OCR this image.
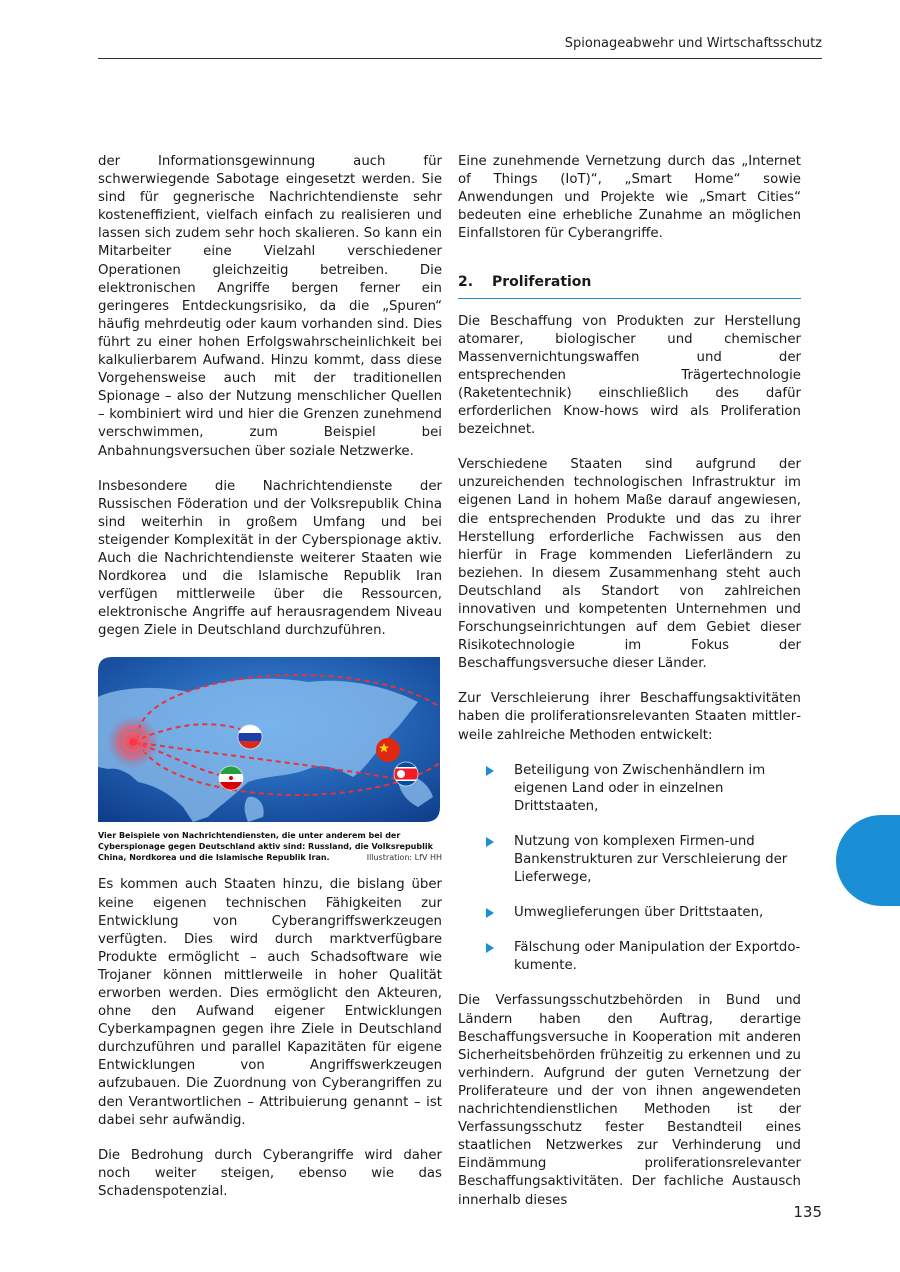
Spionageabwehr und Wirtschaftsschutz

der Informationsgewinnung auch für schwerwiegende Sabotage eingesetzt werden. Sie sind für gegnerische Nachrichtendienste sehr kosteneffizient, vielfach einfach zu realisieren und lassen sich zudem sehr hoch skalieren. So kann ein Mitarbeiter eine Vielzahl verschiedener Operationen gleichzeitig betreiben. Die elektronischen Angriffe bergen ferner ein geringeres Entdeckungsrisiko, da die „Spuren“ häufig mehrdeutig oder kaum vorhanden sind. Dies führt zu einer hohen Erfolgswahrscheinlichkeit bei kalkulierbarem Aufwand. Hinzu kommt, dass diese Vorgehensweise auch mit der traditionellen Spionage – also der Nutzung menschlicher Quellen – kombiniert wird und hier die Grenzen zunehmend verschwimmen, zum Beispiel bei Anbahnungsversuchen über soziale Netzwerke.

Insbesondere die Nachrichtendienste der Russischen Föderation und der Volksrepublik China sind weiterhin in großem Umfang und bei steigender Komplexität in der Cyberspionage aktiv. Auch die Nachrichtendienste weiterer Staaten wie Nordkorea und die Islamische Republik Iran verfügen mittlerweile über die Ressourcen, elektronische Angriffe auf herausragendem Niveau gegen Ziele in Deutschland durchzuführen.

Vier Beispiele von Nachrichtendiensten, die unter anderem bei der Cyberspionage gegen Deutschland aktiv sind: Russland, die Volksrepublik China, Nordkorea und die Islamische Republik Iran.	Illustration: LfV HH

Es kommen auch Staaten hinzu, die bislang über keine eigenen technischen Fähigkeiten zur Entwicklung von Cyberangriffswerkzeugen verfügten. Dies wird durch marktverfügbare Produkte ermöglicht – auch Schadsoftware wie Trojaner können mittlerweile in hoher Qualität erworben werden. Dies ermöglicht den Akteuren, ohne den Aufwand eigener Entwicklungen Cyberkampagnen gegen ihre Ziele in Deutschland durchzuführen und parallel Kapazitäten für eigene Entwicklungen von Angriffswerkzeugen aufzubauen. Die Zuordnung von Cyberangriffen zu den Verantwortlichen – Attribuierung genannt – ist dabei sehr aufwändig.

Die Bedrohung durch Cyberangriffe wird daher noch weiter steigen, ebenso wie das Schadenspotenzial.

Eine zunehmende Vernetzung durch das „Internet of Things (IoT)“, „Smart Home“ sowie Anwendungen und Projekte wie „Smart Cities“ bedeuten eine erhebliche Zunahme an möglichen Einfallstoren für Cyberangriffe.

2. Proliferation

Die Beschaffung von Produkten zur Herstellung atomarer, biologischer und chemischer Massenvernichtungswaffen und der entsprechenden Trägertechnologie (Raketentechnik) einschließlich des dafür erforderlichen Know-hows wird als Proliferation bezeichnet.

Verschiedene Staaten sind aufgrund der unzureichenden technologischen Infrastruktur im eigenen Land in hohem Maße darauf angewiesen, die entsprechenden Produkte und das zu ihrer Herstellung erforderliche Fachwissen aus den hierfür in Frage kommenden Lieferländern zu beziehen. In diesem Zusammenhang steht auch Deutschland als Standort von zahlreichen innovativen und kompetenten Unternehmen und Forschungseinrichtungen auf dem Gebiet dieser Risikotechnologie im Fokus der Beschaffungsversuche dieser Länder.

Zur Verschleierung ihrer Beschaffungsaktivitäten haben die proliferationsrelevanten Staaten mittlerweile zahlreiche Methoden entwickelt:

Beteiligung von Zwischenhändlern im eigenen Land oder in einzelnen Drittstaaten,
Nutzung von komplexen Firmen-und Bankenstrukturen zur Verschleierung der Lieferwege,
Umweglieferungen über Drittstaaten,
Fälschung oder Manipulation der Exportdokumente.

Die Verfassungsschutzbehörden in Bund und Ländern haben den Auftrag, derartige Beschaffungsversuche in Kooperation mit anderen Sicherheitsbehörden frühzeitig zu erkennen und zu verhindern. Aufgrund der guten Vernetzung der Proliferateure und der von ihnen angewendeten nachrichtendienstlichen Methoden ist der Verfassungsschutz fester Bestandteil eines staatlichen Netzwerkes zur Verhinderung und Eindämmung proliferationsrelevanter Beschaffungsaktivitäten. Der fachliche Austausch innerhalb dieses

135
